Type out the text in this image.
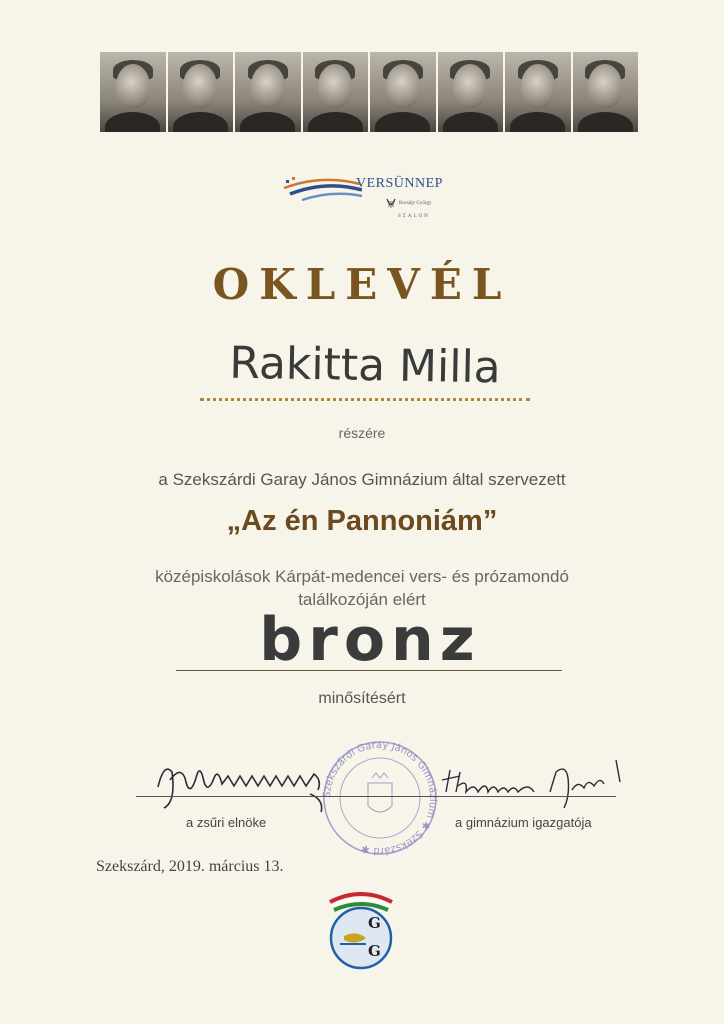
VERSÜNNEP
Bocsájy György
SZALON
OKLEVÉL
Rakitta Milla
részére
a Szekszárdi Garay János Gimnázium által szervezett
„Az én Pannoniám”
középiskolások Kárpát-medencei vers- és prózamondó
találkozóján elért
bronz
minősítésért
Szekszárdi Garay János Gimnázium ✱ Szekszárd ✱
a zsűri elnöke	a gimnázium igazgatója
Szekszárd, 2019. március 13.
G
G
